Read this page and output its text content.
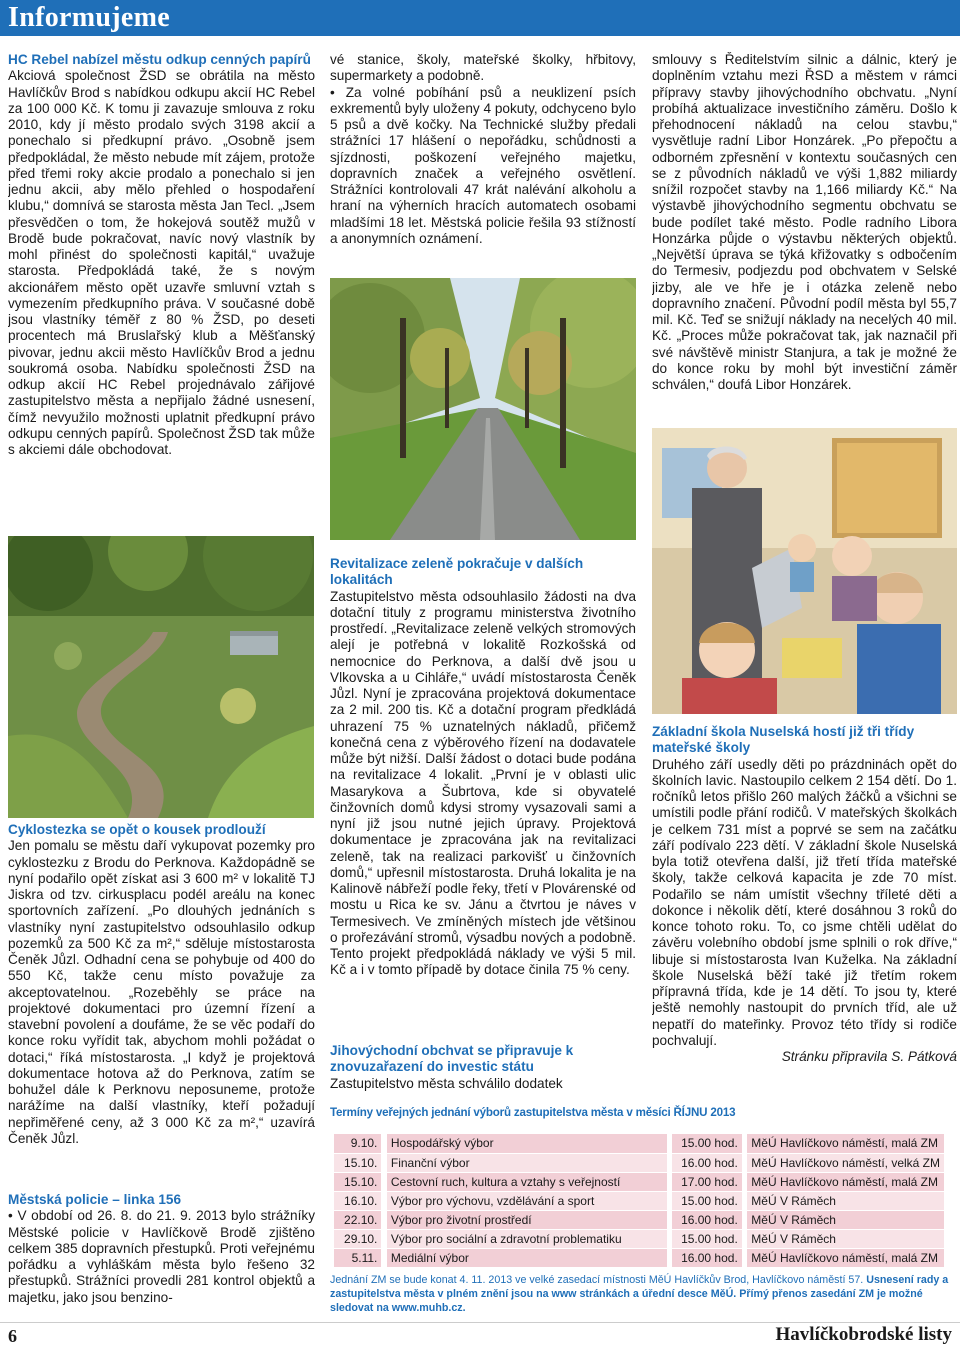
Informujeme
HC Rebel nabízel městu odkup cenných papírů

Akciová společnost ŽSD se obrátila na město Havlíčkův Brod s nabídkou odkupu akcií HC Rebel za 100 000 Kč. K tomu ji zavazuje smlouva z roku 2010, kdy jí město prodalo svých 3198 akcií a ponechalo si předkupní právo. „Osobně jsem předpokládal, že město nebude mít zájem, protože před třemi roky akcie prodalo a ponechalo si jen jednu akcii, aby mělo přehled o hospodaření klubu,“ domnívá se starosta města Jan Tecl. „Jsem přesvědčen o tom, že hokejová soutěž mužů v Brodě bude pokračovat, navíc nový vlastník by mohl přinést do společnosti kapitál,“ uvažuje starosta. Předpokládá také, že s novým akcionářem město opět uzavře smluvní vztah s vymezením předkupního práva. V současné době jsou vlastníky téměř z 80 % ŽSD, po deseti procentech má Bruslařský klub a Měšťanský pivovar, jednu akcii město Havlíčkův Brod a jednu soukromá osoba. Nabídku společnosti ŽSD na odkup akcií HC Rebel projednávalo zářijové zastupitelstvo města a nepřijalo žádné usnesení, čímž nevyužilo možnosti uplatnit předkupní právo odkupu cenných papírů. Společnost ŽSD tak může s akciemi dále obchodovat.

Cyklostezka se opět o kousek prodlouží

Jen pomalu se městu daří vykupovat pozemky pro cyklostezku z Brodu do Perknova. Každopádně se nyní podařilo opět získat asi 3 600 m² v lokalitě TJ Jiskra od tzv. cirkusplacu podél areálu na konec sportovních zařízení. „Po dlouhých jednáních s vlastníky nyní zastupitelstvo odsouhlasilo odkup pozemků za 500 Kč za m²,“ sděluje místostarosta Čeněk Jůzl. Odhadní cena se pohybuje od 400 do 550 Kč, takže cenu místo považuje za akceptovatelnou. „Rozeběhly se práce na projektové dokumentaci pro územní řízení a stavební povolení a doufáme, že se věc podaří do konce roku vyřídit tak, abychom mohli požádat o dotaci,“ říká místostarosta. „I když je projektová dokumentace hotova až do Perknova, zatím se bohužel dále k Perknovu neposuneme, protože narážíme na další vlastníky, kteří požadují nepřiměřené ceny, až 3 000 Kč za m²,“ uzavírá Čeněk Jůzl.

Městská policie – linka 156

• V období od 26. 8. do 21. 9. 2013 bylo strážníky Městské policie v Havlíčkově Brodě zjištěno celkem 385 dopravních přestupků. Proti veřejnému pořádku a vyhláškám města bylo řešeno 32 přestupků. Strážníci provedli 281 kontrol objektů a majetku, jako jsou benzino-

vé stanice, školy, mateřské školky, hřbitovy, supermarkety a podobně.

• Za volné pobíhání psů a neuklizení psích exkrementů byly uloženy 4 pokuty, odchyceno bylo 5 psů a dvě kočky. Na Technické služby předali strážníci 17 hlášení o nepořádku, schůdnosti a sjízdnosti, poškození veřejného majetku, dopravních značek a veřejného osvětlení. Strážníci kontrolovali 47 krát nalévání alkoholu a hraní na výherních hracích automatech osobami mladšími 18 let. Městská policie řešila 93 stížností a anonymních oznámení.

Revitalizace zeleně pokračuje v dalších lokalitách

Zastupitelstvo města odsouhlasilo žádosti na dva dotační tituly z programu ministerstva životního prostředí. „Revitalizace zeleně velkých stromových alejí je potřebná v lokalitě Rozkošská od nemocnice do Perknova, a další dvě jsou u Vlkovska a u Cihláře,“ uvádí místostarosta Čeněk Jůzl. Nyní je zpracována projektová dokumentace za 2 mil. 200 tis. Kč a dotační program předkládá uhrazení 75 % uznatelných nákladů, přičemž konečná cena z výběrového řízení na dodavatele může být nižší. Další žádost o dotaci bude podána na revitalizace 4 lokalit. „První je v oblasti ulic Masarykova a Šubrtova, kde si obyvatelé činžovních domů kdysi stromy vysazovali sami a nyní již jsou nutné jejich úpravy. Projektová dokumentace je zpracována jak na revitalizaci zeleně, tak na realizaci parkovišť u činžovních domů,“ upřesnil místostarosta. Druhá lokalita je na Kalinově nábřeží podle řeky, třetí v Plovárenské od mostu u Rica ke sv. Jánu a čtvrtou je náves v Termesivech. Ve zmíněných místech jde většinou o prořezávání stromů, výsadbu nových a podobně. Tento projekt předpokládá náklady ve výši 5 mil. Kč a i v tomto případě by dotace činila 75 % ceny.

Jihovýchodní obchvat se připravuje k znovuzařazení do investic státu

Zastupitelstvo města schválilo dodatek

smlouvy s Ředitelstvím silnic a dálnic, který je doplněním vztahu mezi ŘSD a městem v rámci přípravy stavby jihovýchodního obchvatu. „Nyní probíhá aktualizace investičního záměru. Došlo k přehodnocení nákladů na celou stavbu,“ vysvětluje radní Libor Honzárek. „Po přepočtu a odborném zpřesnění v kontextu současných cen se z původních nákladů ve výši 1,882 miliardy snížil rozpočet stavby na 1,166 miliardy Kč.“ Na výstavbě jihovýchodního segmentu obchvatu se bude podílet také město. Podle radního Libora Honzárka půjde o výstavbu některých objektů. „Největší úprava se týká křižovatky s odbočením do Termesiv, podjezdu pod obchvatem v Selské jizby, ale ve hře je i otázka zeleně nebo dopravního značení. Původní podíl města byl 55,7 mil. Kč. Teď se snižují náklady na necelých 40 mil. Kč. „Proces může pokračovat tak, jak naznačil při své návštěvě ministr Stanjura, a tak je možné že do konce roku by mohl být investiční záměr schválen,“ doufá Libor Honzárek.

Základní škola Nuselská hostí již tři třídy mateřské školy

Druhého září usedly děti po prázdninách opět do školních lavic. Nastoupilo celkem 2 154 dětí. Do 1. ročníků letos přišlo 260 malých žáčků a všichni se umístili podle přání rodičů. V mateřských školkách je celkem 731 míst a poprvé se sem na začátku září podívalo 223 dětí. V základní škole Nuselská byla totiž otevřena další, již třetí třída mateřské školy, takže celková kapacita je zde 70 míst. Podařilo se nám umístit všechny tříleté děti a dokonce i několik dětí, které dosáhnou 3 roků do konce tohoto roku. To, co jsme chtěli udělat do závěru volebního období jsme splnili o rok dříve,“ libuje si místostarosta Ivan Kuželka. Na základní škole Nuselská běží také již třetím rokem přípravná třída, kde je 14 dětí. To jsou ty, které ještě nemohly nastoupit do prvních tříd, ale už nepatří do mateřinky. Provoz této třídy si rodiče pochvalují.

Stránku připravila S. Pátková

Termíny veřejných jednání výborů zastupitelstva města v měsíci ŘÍJNU 2013
9.10.		Hospodářský výbor		15.00 hod.		MěÚ Havlíčkovo náměstí, malá ZM
15.10.		Finanční výbor		16.00 hod.		MěÚ Havlíčkovo náměstí, velká ZM
15.10.		Cestovní ruch, kultura a vztahy s veřejností		17.00 hod.		MěÚ Havlíčkovo náměstí, malá ZM
16.10.		Výbor pro výchovu, vzdělávání a sport		15.00 hod.		MěÚ V Ráměch
22.10.		Výbor pro životní prostředí		16.00 hod.		MěÚ V Ráměch
29.10.		Výbor pro sociální a zdravotní problematiku		15.00 hod.		MěÚ V Ráměch
5.11.		Mediální výbor		16.00 hod.		MěÚ Havlíčkovo náměstí, malá ZM
Jednání ZM se bude konat 4. 11. 2013 ve velké zasedací místnosti MěÚ Havlíčkův Brod, Havlíčkovo náměstí 57. Usnesení rady a zastupitelstva města v plném znění jsou na www stránkách a úřední desce MěÚ. Přímý přenos zasedání ZM je možné sledovat na www.muhb.cz.
6	Havlíčkobrodské listy
